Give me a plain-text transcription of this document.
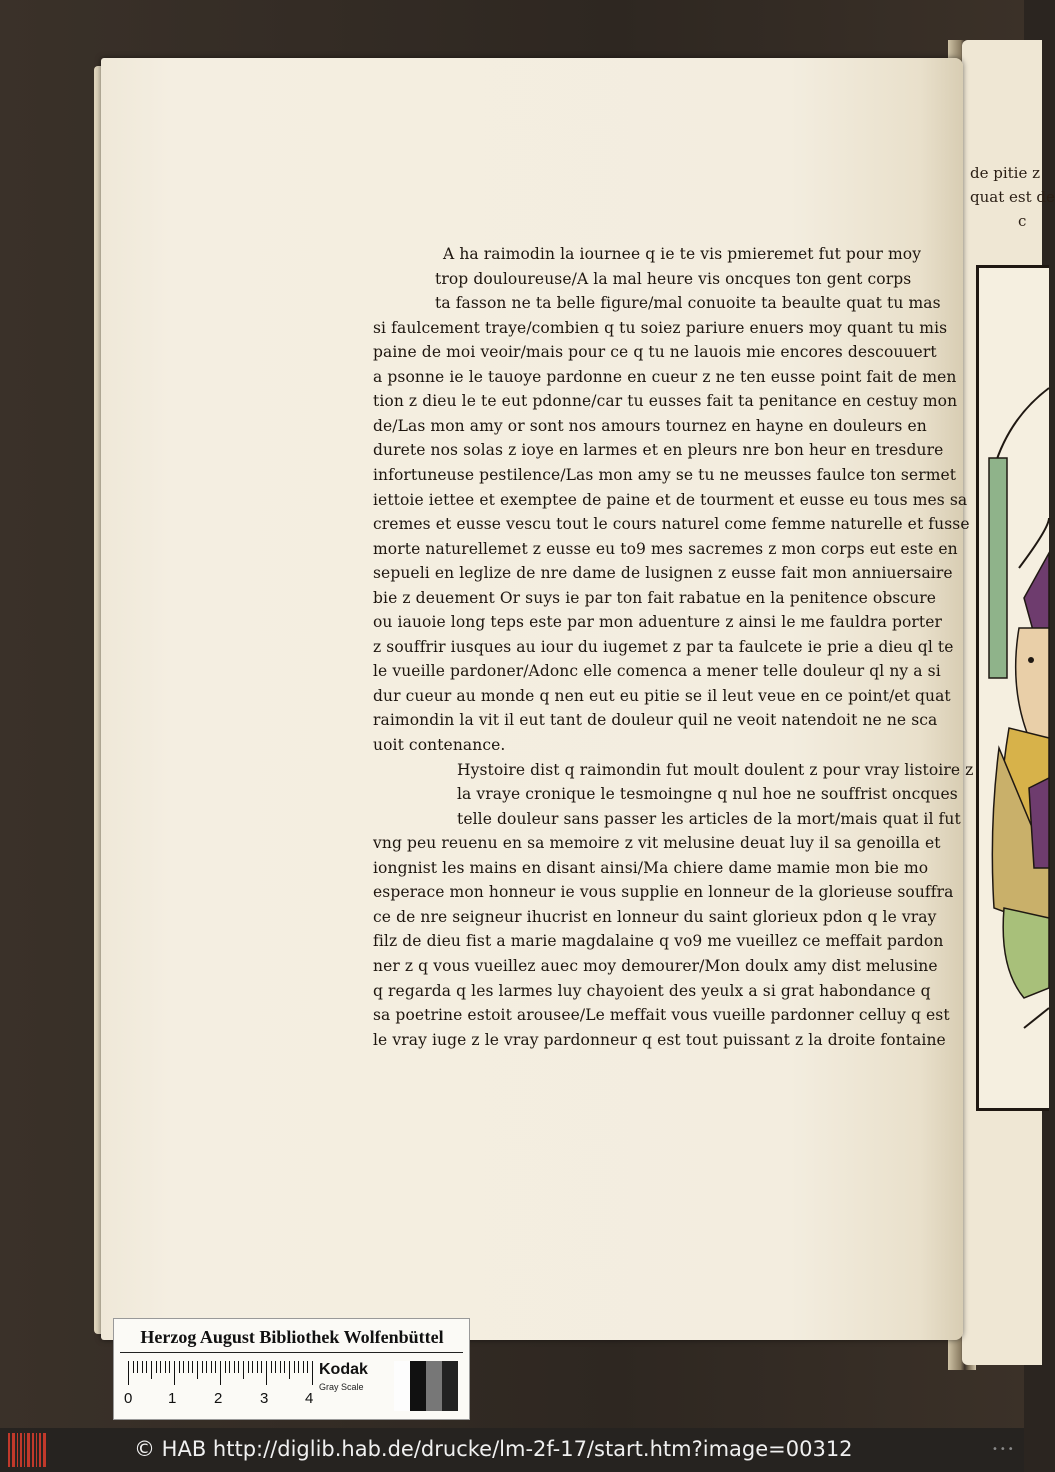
de pitie z
quat est de
c
A ha raimodin la iournee q ie te vis pmieremet fut pour moy
trop douloureuse/A la mal heure vis oncques ton gent corps
ta fasson ne ta belle figure/mal conuoite ta beaulte quat tu mas
si faulcement traye/combien q tu soiez pariure enuers moy quant tu mis
paine de moi veoir/mais pour ce q tu ne lauois mie encores descouuert
a psonne ie le tauoye pardonne en cueur z ne ten eusse point fait de men
tion z dieu le te eut pdonne/car tu eusses fait ta penitance en cestuy mon
de/Las mon amy or sont nos amours tournez en hayne en douleurs en
durete nos solas z ioye en larmes et en pleurs nre bon heur en tresdure
infortuneuse pestilence/Las mon amy se tu ne meusses faulce ton sermet
iettoie iettee et exemptee de paine et de tourment et eusse eu tous mes sa
cremes et eusse vescu tout le cours naturel come femme naturelle et fusse
morte naturellemet z eusse eu to9 mes sacremes z mon corps eut este en
sepueli en leglize de nre dame de lusignen z eusse fait mon anniuersaire
bie z deuement Or suys ie par ton fait rabatue en la penitence obscure
ou iauoie long teps este par mon aduenture z ainsi le me fauldra porter
z souffrir iusques au iour du iugemet z par ta faulcete ie prie a dieu ql te
le vueille pardoner/Adonc elle comenca a mener telle douleur ql ny a si
dur cueur au monde q nen eut eu pitie se il leut veue en ce point/et quat
raimondin la vit il eut tant de douleur quil ne veoit natendoit ne ne sca
uoit contenance.
Hystoire dist q raimondin fut moult doulent z pour vray listoire z
la vraye cronique le tesmoingne q nul hoe ne souffrist oncques
telle douleur sans passer les articles de la mort/mais quat il fut
vng peu reuenu en sa memoire z vit melusine deuat luy il sa genoilla et
iongnist les mains en disant ainsi/Ma chiere dame mamie mon bie mo
esperace mon honneur ie vous supplie en lonneur de la glorieuse souffra
ce de nre seigneur ihucrist en lonneur du saint glorieux pdon q le vray
filz de dieu fist a marie magdalaine q vo9 me vueillez ce meffait pardon
ner z q vous vueillez auec moy demourer/Mon doulx amy dist melusine
q regarda q les larmes luy chayoient des yeulx a si grat habondance q
sa poetrine estoit arousee/Le meffait vous vueille pardonner celluy q est
le vray iuge z le vray pardonneur q est tout puissant z la droite fontaine
Herzog August Bibliothek Wolfenbüttel
0 1	2	3 4
Kodak
Gray Scale
© HAB http://diglib.hab.de/drucke/lm-2f-17/start.htm?image=00312	•••
